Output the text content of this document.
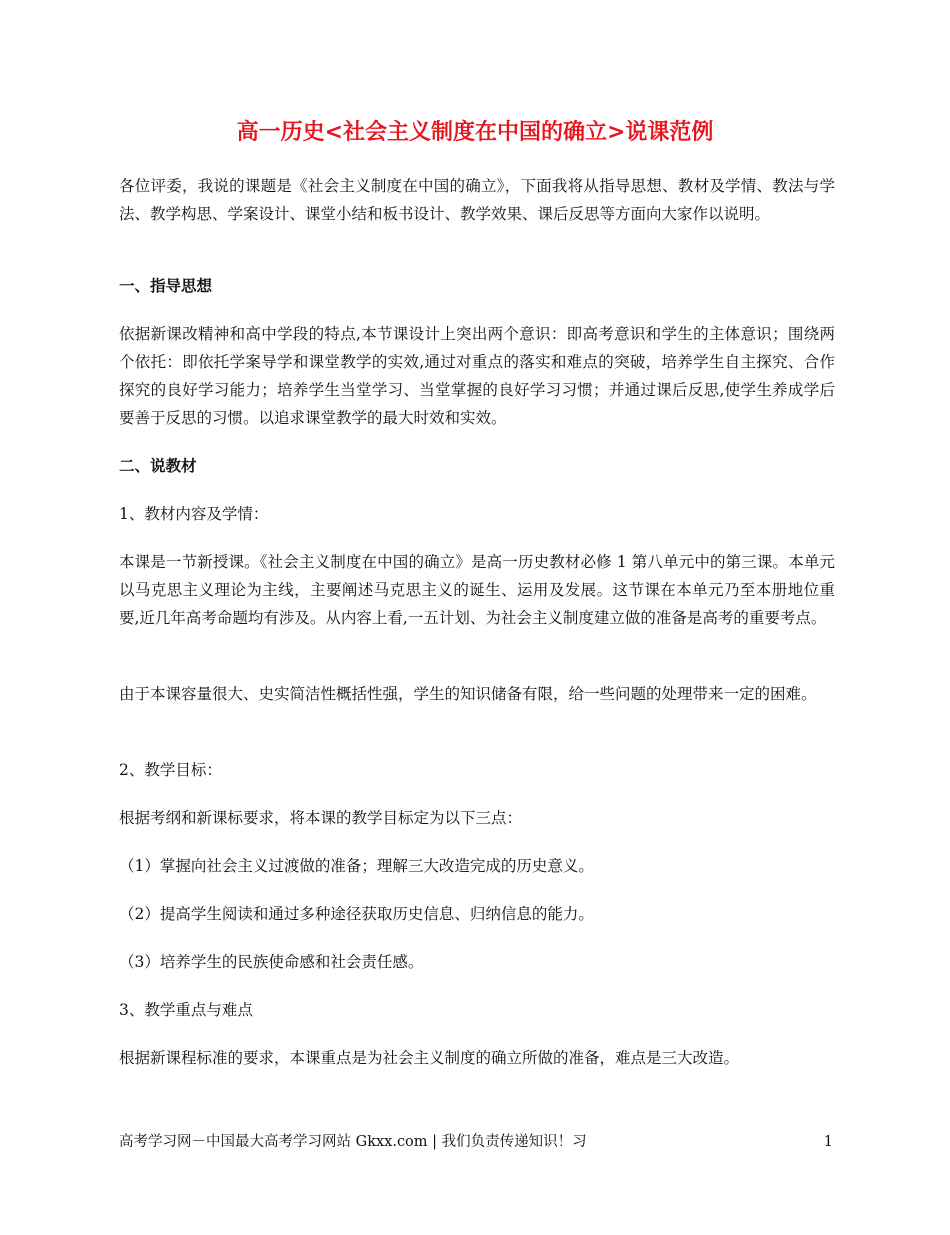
高一历史<社会主义制度在中国的确立>说课范例

各位评委，我说的课题是《社会主义制度在中国的确立》，下面我将从指导思想、教材及学情、教法与学法、教学构思、学案设计、课堂小结和板书设计、教学效果、课后反思等方面向大家作以说明。

一、指导思想

依据新课改精神和高中学段的特点,本节课设计上突出两个意识：即高考意识和学生的主体意识；围绕两个依托：即依托学案导学和课堂教学的实效,通过对重点的落实和难点的突破，培养学生自主探究、合作探究的良好学习能力；培养学生当堂学习、当堂掌握的良好学习习惯；并通过课后反思,使学生养成学后要善于反思的习惯。以追求课堂教学的最大时效和实效。

二、说教材

1、教材内容及学情：

本课是一节新授课。《社会主义制度在中国的确立》是高一历史教材必修 1 第八单元中的第三课。本单元以马克思主义理论为主线，主要阐述马克思主义的诞生、运用及发展。这节课在本单元乃至本册地位重要,近几年高考命题均有涉及。从内容上看,一五计划、为社会主义制度建立做的准备是高考的重要考点。

由于本课容量很大、史实简洁性概括性强，学生的知识储备有限，给一些问题的处理带来一定的困难。

2、教学目标：

根据考纲和新课标要求，将本课的教学目标定为以下三点：

（1）掌握向社会主义过渡做的准备；理解三大改造完成的历史意义。

（2）提高学生阅读和通过多种途径获取历史信息、归纳信息的能力。

（3）培养学生的民族使命感和社会责任感。

3、教学重点与难点

根据新课程标准的要求，本课重点是为社会主义制度的确立所做的准备，难点是三大改造。

高考学习网－中国最大高考学习网站 Gkxx.com | 我们负责传递知识！习	1
